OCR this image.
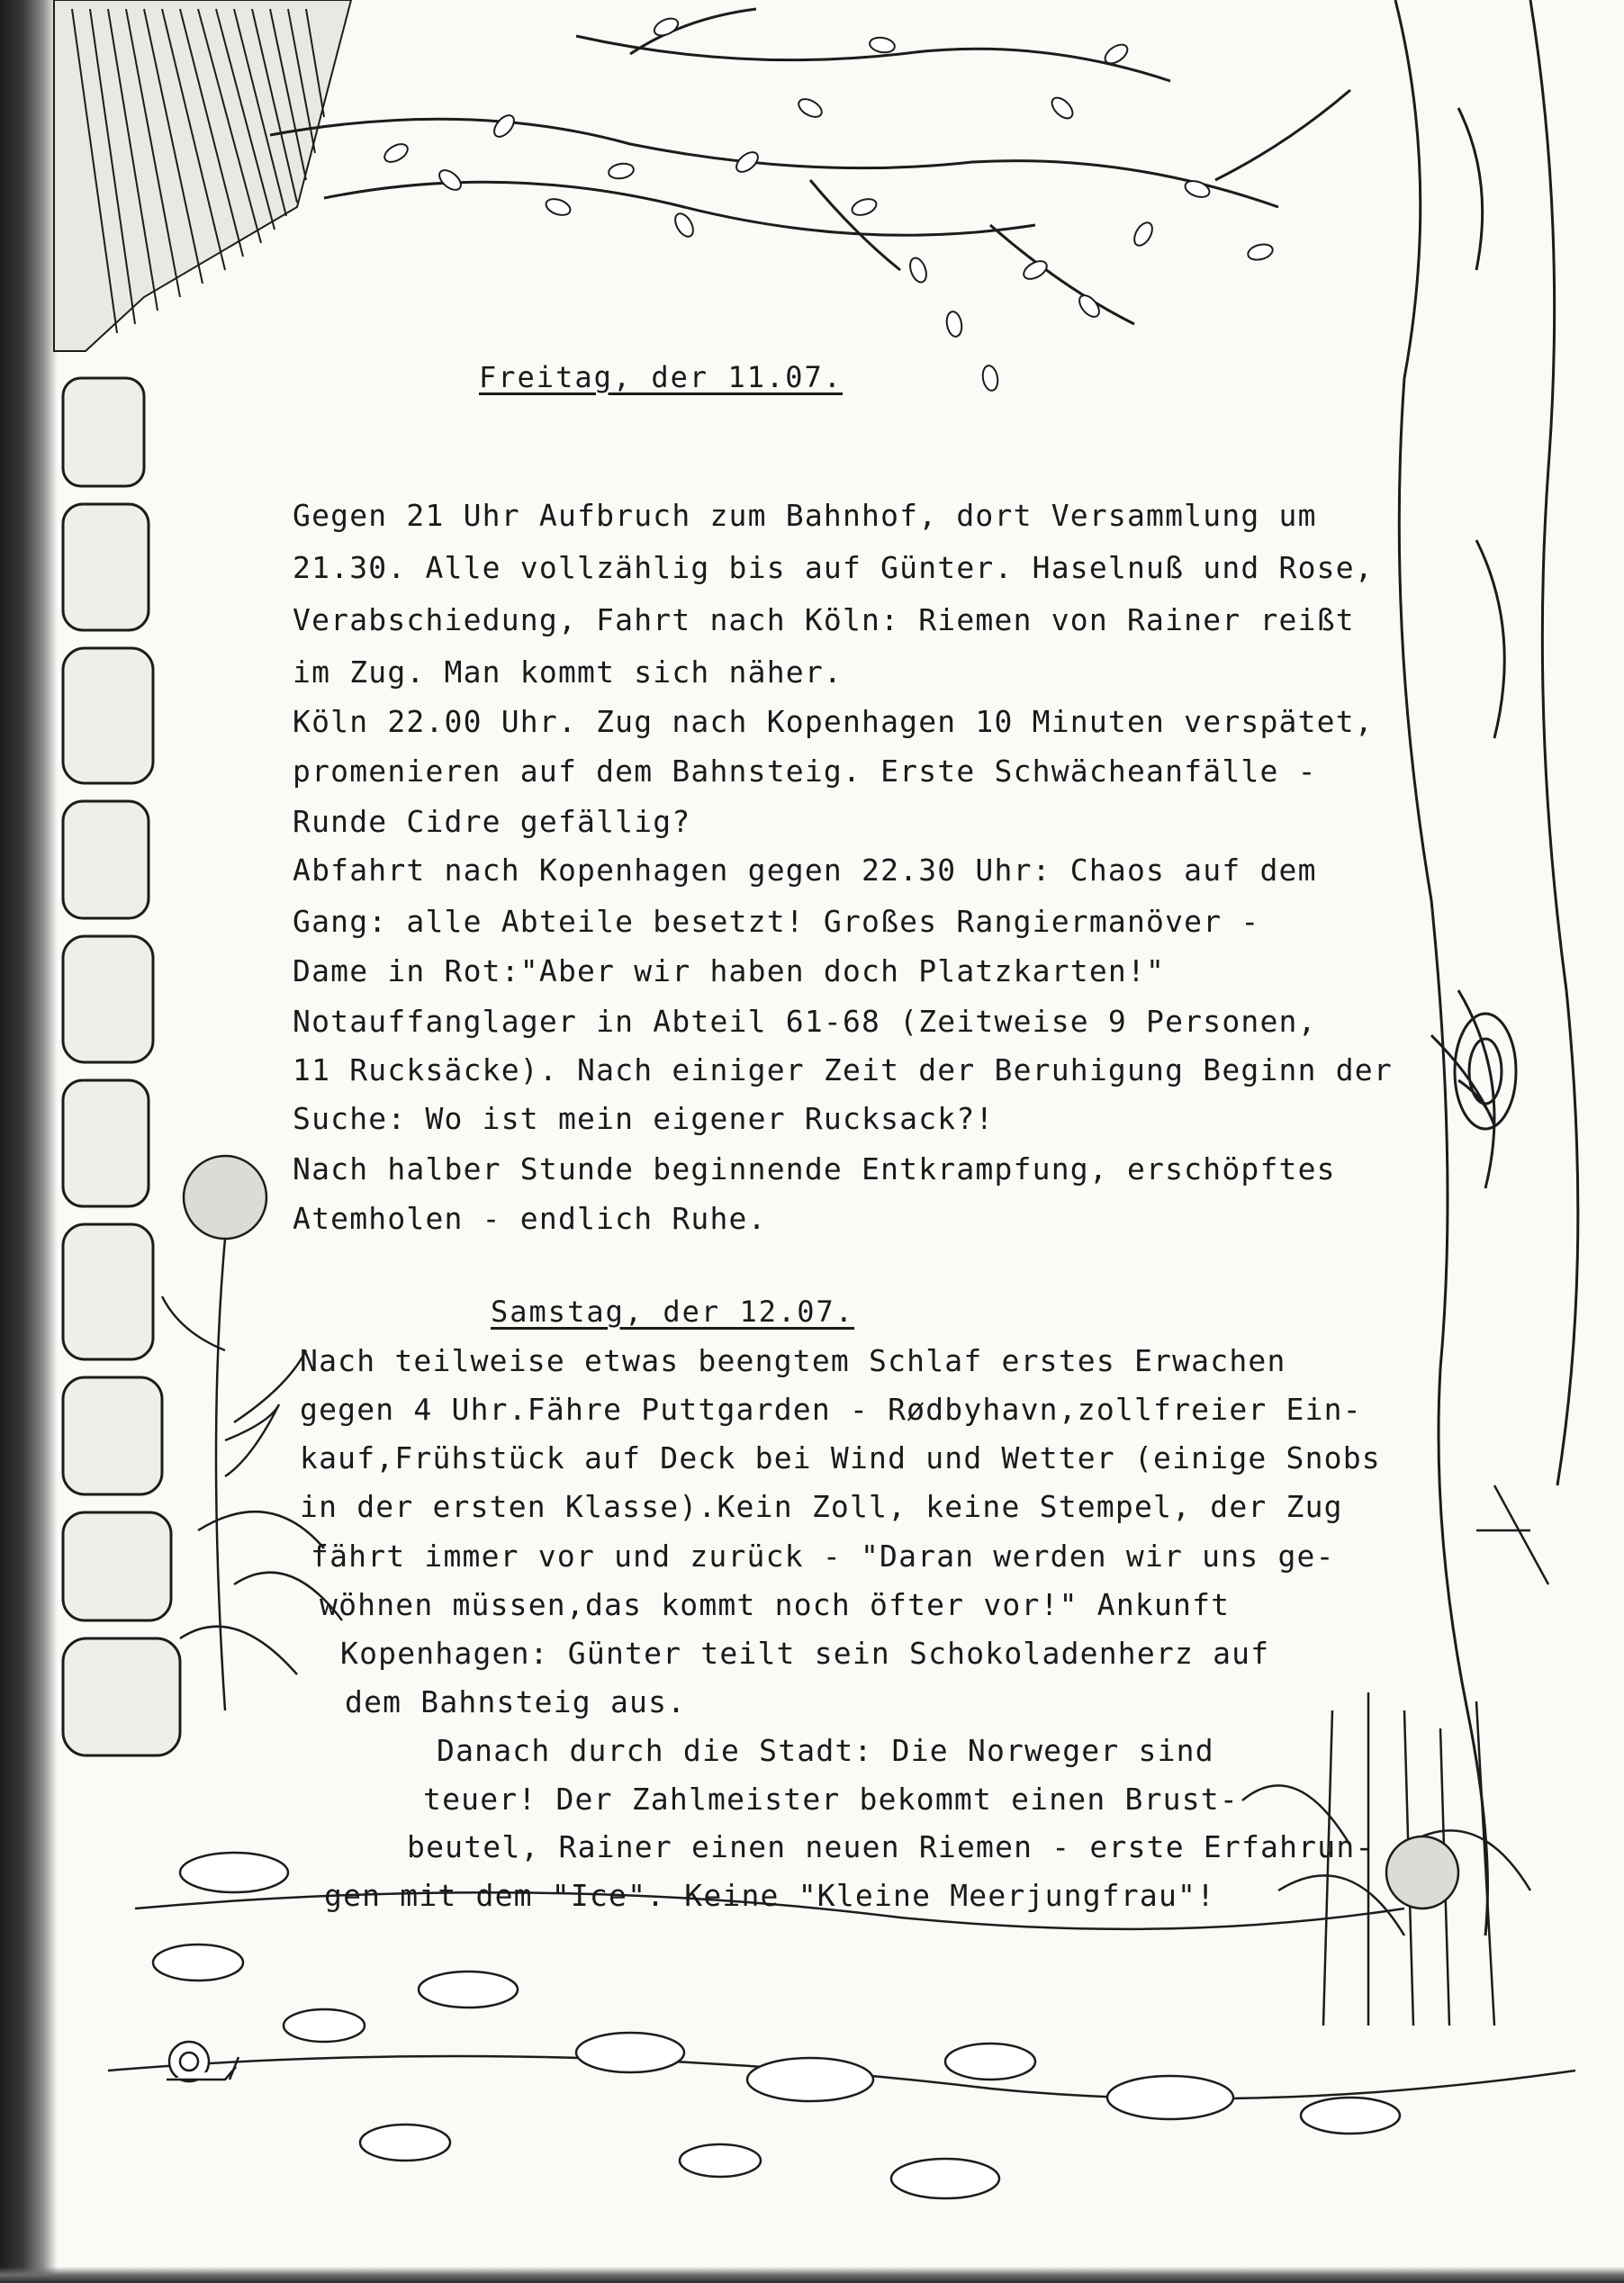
Freitag, der 11.07.
Gegen 21 Uhr Aufbruch zum Bahnhof, dort Versammlung um
21.30. Alle vollzählig bis auf Günter. Haselnuß und Rose,
Verabschiedung, Fahrt nach Köln: Riemen von Rainer reißt
im Zug. Man kommt sich näher.
Köln 22.00 Uhr. Zug nach Kopenhagen 10 Minuten verspätet,
promenieren auf dem Bahnsteig. Erste Schwächeanfälle -
Runde Cidre gefällig?
Abfahrt nach Kopenhagen gegen 22.30 Uhr: Chaos auf dem
Gang: alle Abteile besetzt! Großes Rangiermanöver -
Dame in Rot:"Aber wir haben doch Platzkarten!"
Notauffanglager in Abteil 61-68 (Zeitweise 9 Personen,
11 Rucksäcke). Nach einiger Zeit der Beruhigung Beginn der
Suche: Wo ist mein eigener Rucksack?!
Nach halber Stunde beginnende Entkrampfung, erschöpftes
Atemholen - endlich Ruhe.
Samstag, der 12.07.
Nach teilweise etwas beengtem Schlaf erstes Erwachen
gegen 4 Uhr.Fähre Puttgarden - Rødbyhavn,zollfreier Ein-
kauf,Frühstück auf Deck bei Wind und Wetter (einige Snobs
in der ersten Klasse).Kein Zoll, keine Stempel, der Zug
fährt immer vor und zurück - "Daran werden wir uns ge-
wöhnen müssen,das kommt noch öfter vor!" Ankunft
Kopenhagen: Günter teilt sein Schokoladenherz auf
dem Bahnsteig aus.
Danach durch die Stadt: Die Norweger sind
teuer! Der Zahlmeister bekommt einen Brust-
beutel, Rainer einen neuen Riemen - erste Erfahrun-
gen mit dem "Ice". Keine "Kleine Meerjungfrau"!
